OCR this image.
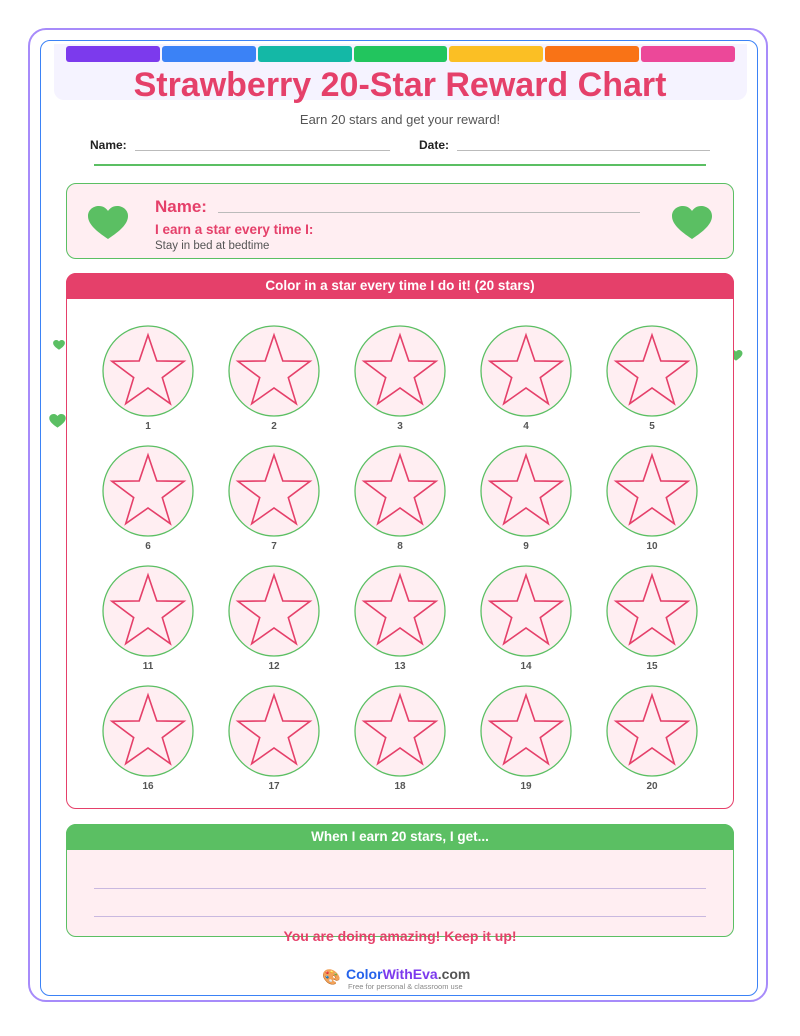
Strawberry 20-Star Reward Chart
Earn 20 stars and get your reward!
Name:	Date:
Name:
I earn a star every time I:
Stay in bed at bedtime
Color in a star every time I do it! (20 stars)
1	2	3	4	5
6	7	8	9	10
11	12	13	14	15
16	17	18	19	20
When I earn 20 stars, I get...
You are doing amazing! Keep it up!
🎨 ColorWithEva.com
Free for personal & classroom use
